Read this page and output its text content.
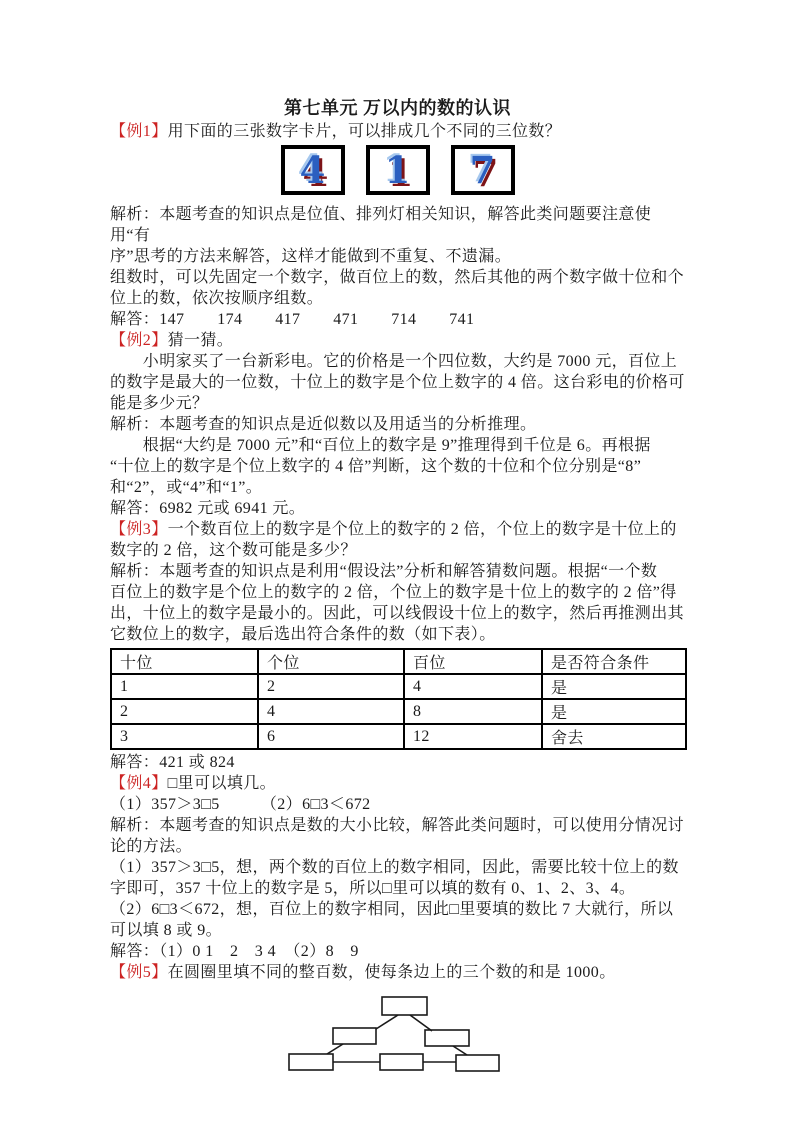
第七单元 万以内的数的认识
【例1】用下面的三张数字卡片，可以排成几个不同的三位数？
4 1 7
解析：本题考查的知识点是位值、排列灯相关知识，解答此类问题要注意使用“有
序”思考的方法来解答，这样才能做到不重复、不遗漏。
组数时，可以先固定一个数字，做百位上的数，然后其他的两个数字做十位和个
位上的数，依次按顺序组数。
解答：147　　174　　417　　471　　714　　741
【例2】猜一猜。
　　小明家买了一台新彩电。它的价格是一个四位数，大约是 7000 元，百位上
的数字是最大的一位数，十位上的数字是个位上数字的 4 倍。这台彩电的价格可
能是多少元？
解析：本题考查的知识点是近似数以及用适当的分析推理。
　　根据“大约是 7000 元”和“百位上的数字是 9”推理得到千位是 6。再根据
“十位上的数字是个位上数字的 4 倍”判断，这个数的十位和个位分别是“8”
和“2”，或“4”和“1”。
解答：6982 元或 6941 元。
【例3】一个数百位上的数字是个位上的数字的 2 倍，个位上的数字是十位上的
数字的 2 倍，这个数可能是多少？
解析：本题考查的知识点是利用“假设法”分析和解答猜数问题。根据“一个数
百位上的数字是个位上的数字的 2 倍，个位上的数字是十位上的数字的 2 倍”得
出，十位上的数字是最小的。因此，可以线假设十位上的数字，然后再推测出其
它数位上的数字，最后选出符合条件的数（如下表）。
十位	个位	百位	是否符合条件
1	2	4	是
2	4	8	是
3	6	12	舍去
解答：421 或 824
【例4】□里可以填几。
（1）357＞3□5　　　（2）6□3＜672
解析：本题考查的知识点是数的大小比较，解答此类问题时，可以使用分情况讨
论的方法。
（1）357＞3□5，想，两个数的百位上的数字相同，因此，需要比较十位上的数
字即可，357 十位上的数字是 5，所以□里可以填的数有 0、1、2、3、4。
（2）6□3＜672，想，百位上的数字相同，因此□里要填的数比 7 大就行，所以
可以填 8 或 9。
解答：（1）0 1　2　3 4　（2）8　9
【例5】在圆圈里填不同的整百数，使每条边上的三个数的和是 1000。
